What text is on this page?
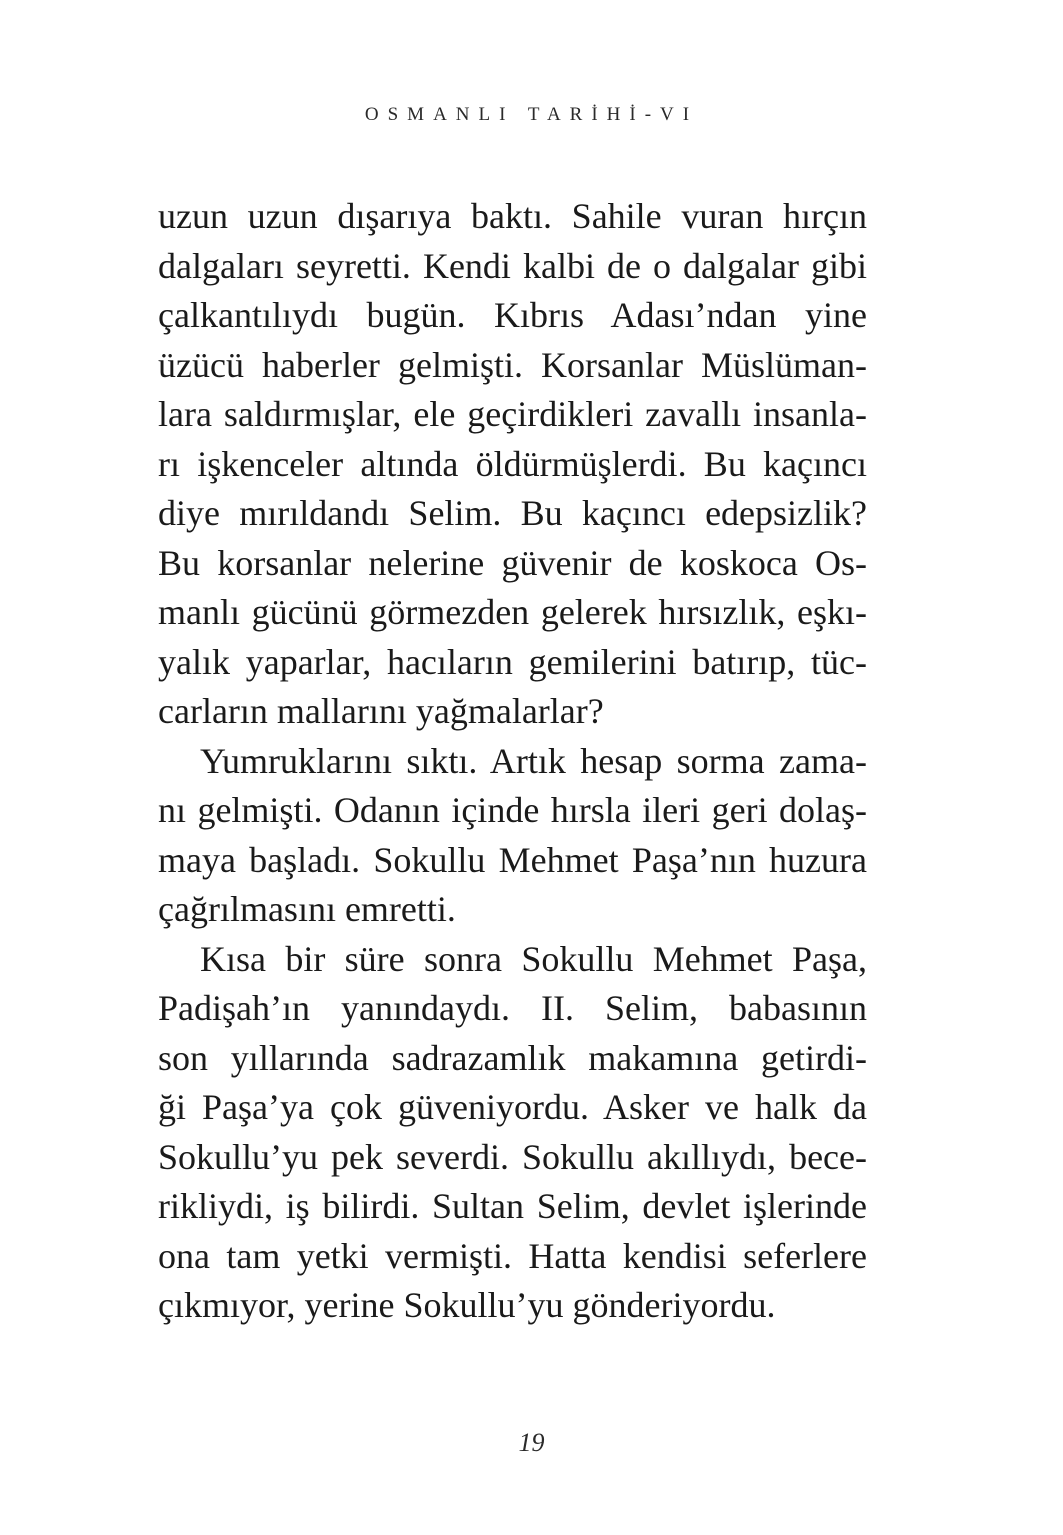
OSMANLI TARİHİ-VI
uzun uzun dışarıya baktı. Sahile vuran hırçın
dalgaları seyretti. Kendi kalbi de o dalgalar gibi
çalkantılıydı bugün. Kıbrıs Adası’ndan yine
üzücü haberler gelmişti. Korsanlar Müslüman-
lara saldırmışlar, ele geçirdikleri zavallı insanla-
rı işkenceler altında öldürmüşlerdi. Bu kaçıncı
diye mırıldandı Selim. Bu kaçıncı edepsizlik?
Bu korsanlar nelerine güvenir de koskoca Os-
manlı gücünü görmezden gelerek hırsızlık, eşkı-
yalık yaparlar, hacıların gemilerini batırıp, tüc-
carların mallarını yağmalarlar?
Yumruklarını sıktı. Artık hesap sorma zama-
nı gelmişti. Odanın içinde hırsla ileri geri dolaş-
maya başladı. Sokullu Mehmet Paşa’nın huzura
çağrılmasını emretti.
Kısa bir süre sonra Sokullu Mehmet Paşa,
Padişah’ın yanındaydı. II. Selim, babasının
son yıllarında sadrazamlık makamına getirdi-
ği Paşa’ya çok güveniyordu. Asker ve halk da
Sokullu’yu pek severdi. Sokullu akıllıydı, bece-
rikliydi, iş bilirdi. Sultan Selim, devlet işlerinde
ona tam yetki vermişti. Hatta kendisi seferlere
çıkmıyor, yerine Sokullu’yu gönderiyordu.
19
